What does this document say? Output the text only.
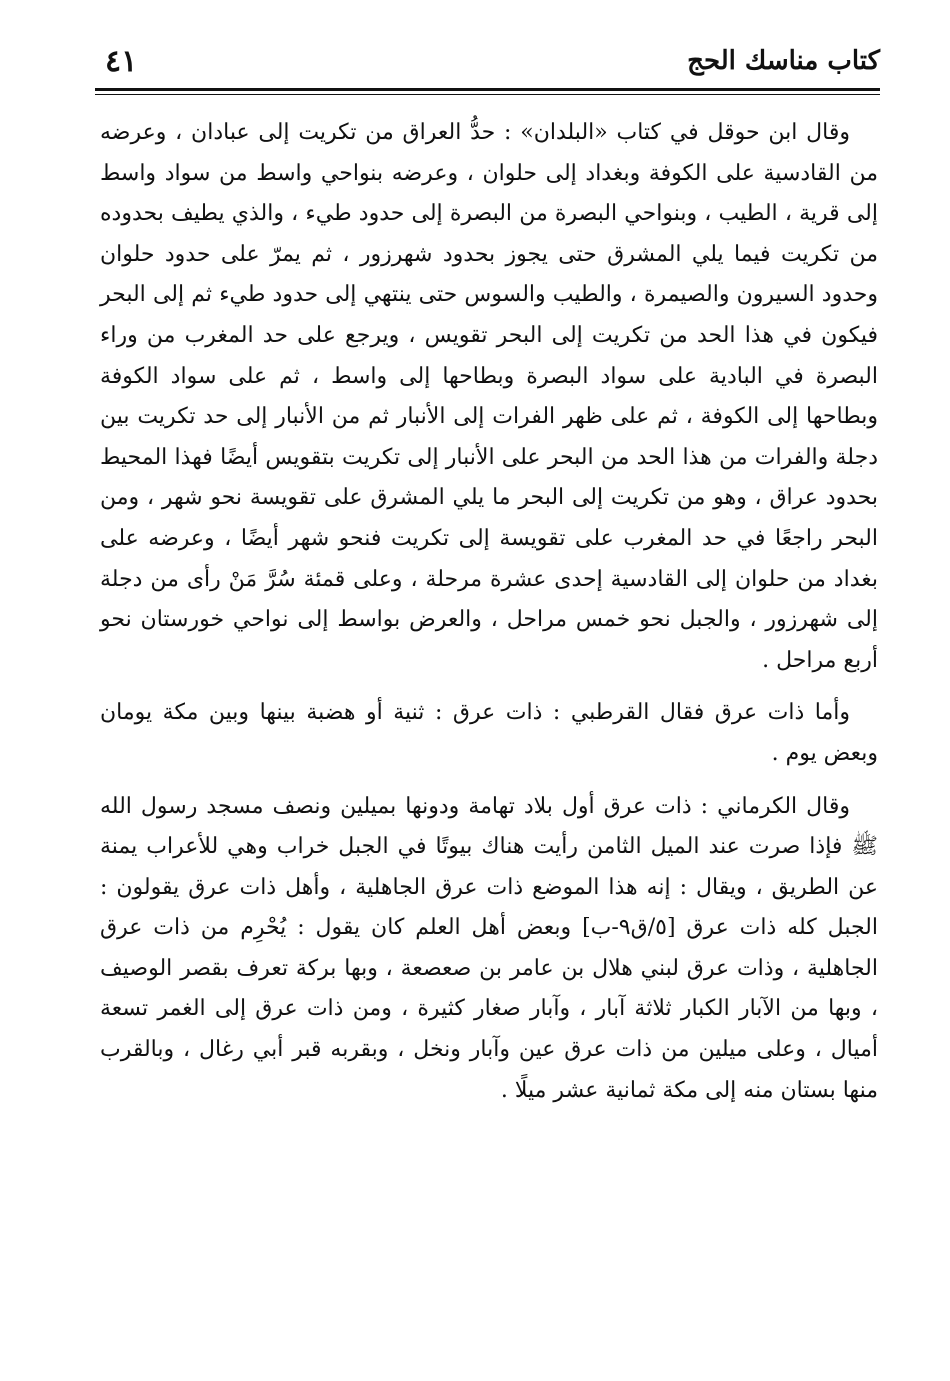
كتاب مناسك الحج
٤١

وقال ابن حوقل في كتاب «البلدان» : حدُّ العراق من تكريت إلى عبادان ، وعرضه من القادسية على الكوفة وبغداد إلى حلوان ، وعرضه بنواحي واسط من سواد واسط إلى قرية ، الطيب ، وبنواحي البصرة من البصرة إلى حدود طيء ، والذي يطيف بحدوده من تكريت فيما يلي المشرق حتى يجوز بحدود شهرزور ، ثم يمرّ على حدود حلوان وحدود السيرون والصيمرة ، والطيب والسوس حتى ينتهي إلى حدود طيء ثم إلى البحر فيكون في هذا الحد من تكريت إلى البحر تقويس ، ويرجع على حد المغرب من وراء البصرة في البادية على سواد البصرة وبطاحها إلى واسط ، ثم على سواد الكوفة وبطاحها إلى الكوفة ، ثم على ظهر الفرات إلى الأنبار ثم من الأنبار إلى حد تكريت بين دجلة والفرات من هذا الحد من البحر على الأنبار إلى تكريت بتقويس أيضًا فهذا المحيط بحدود عراق ، وهو من تكريت إلى البحر ما يلي المشرق على تقويسة نحو شهر ، ومن البحر راجعًا في حد المغرب على تقويسة إلى تكريت فنحو شهر أيضًا ، وعرضه على بغداد من حلوان إلى القادسية إحدى عشرة مرحلة ، وعلى قمئة سُرَّ مَنْ رأى من دجلة إلى شهرزور ، والجبل نحو خمس مراحل ، والعرض بواسط إلى نواحي خورستان نحو أربع مراحل .

وأما ذات عرق فقال القرطبي : ذات عرق : ثنية أو هضبة بينها وبين مكة يومان وبعض يوم .

وقال الكرماني : ذات عرق أول بلاد تهامة ودونها بميلين ونصف مسجد رسول الله ﷺ فإذا صرت عند الميل الثامن رأيت هناك بيوتًا في الجبل خراب وهي للأعراب يمنة عن الطريق ، ويقال : إنه هذا الموضع ذات عرق الجاهلية ، وأهل ذات عرق يقولون : الجبل كله ذات عرق [٥/ق٩-ب] وبعض أهل العلم كان يقول : يُحْرِم من ذات عرق الجاهلية ، وذات عرق لبني هلال بن عامر بن صعصعة ، وبها بركة تعرف بقصر الوصيف ، وبها من الآبار الكبار ثلاثة آبار ، وآبار صغار كثيرة ، ومن ذات عرق إلى الغمر تسعة أميال ، وعلى ميلين من ذات عرق عين وآبار ونخل ، وبقربه قبر أبي رغال ، وبالقرب منها بستان منه إلى مكة ثمانية عشر ميلًا .
